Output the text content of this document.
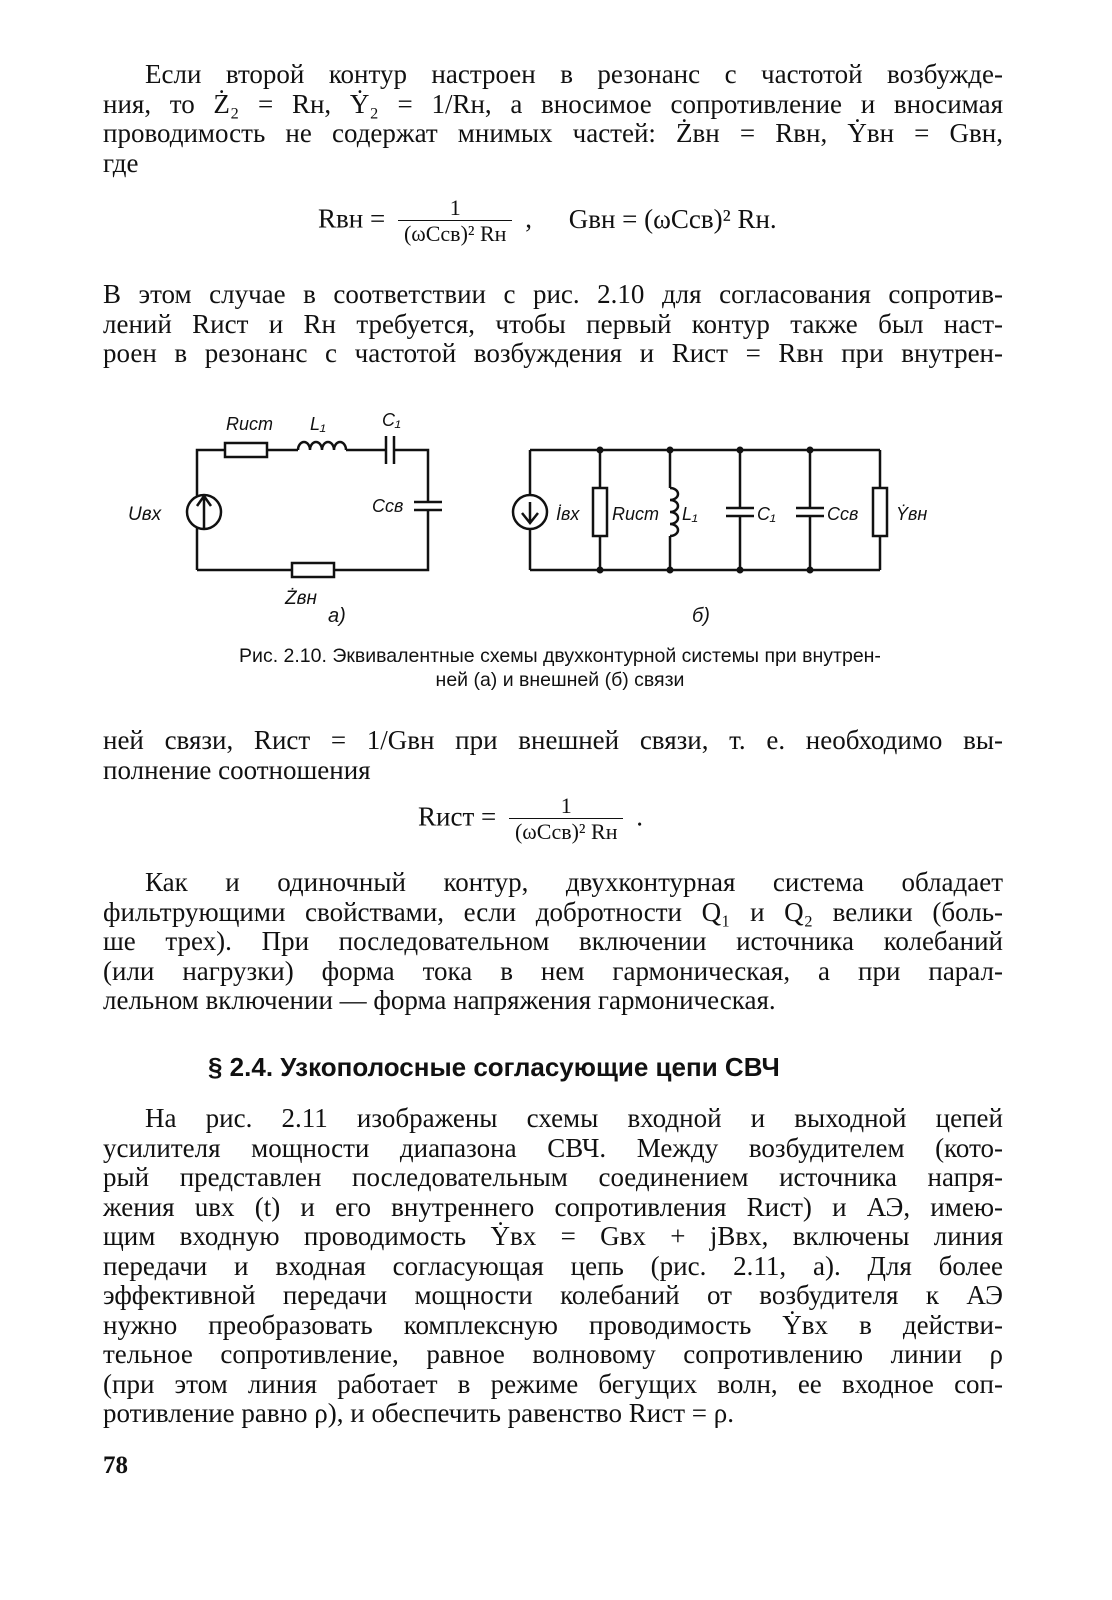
Если второй контур настроен в резонанс с частотой возбужде-
ния, то Ż₂ = Rн, Ẏ₂ = 1/Rн, а вносимое сопротивление и вносимая
проводимость не содержат мнимых частей: Żвн = Rвн, Ẏвн = Gвн,
где
Rвн = $\frac{1}{\text{(ωCсв)² Rн}}$ , Gвн = (ωCсв)² Rн.
В этом случае в соответствии с рис. 2.10 для согласования сопротив-
лений Rист и Rн требуется, чтобы первый контур также был наст-
роен в резонанс с частотой возбуждения и Rист = Rвн при внутрен-
Rист L₁	C₁
Cсв
Uвх
Żвн
а)
İвх Rист L₁	C₁	Cсв Ẏвн
б)
Рис. 2.10. Эквивалентные схемы двухконтурной системы при внутрен-
ней (а) и внешней (б) связи
ней связи, Rист = 1/Gвн при внешней связи, т. е. необходимо вы-
полнение соотношения
Rист = $\frac{1}{\text{(ωCсв)² Rн}}$ .
Как и одиночный контур, двухконтурная система обладает
фильтрующими свойствами, если добротности Q₁ и Q₂ велики (боль-
ше трех). При последовательном включении источника колебаний
(или нагрузки) форма тока в нем гармоническая, а при парал-
лельном включении — форма напряжения гармоническая.
§ 2.4. Узкополосные согласующие цепи СВЧ
На рис. 2.11 изображены схемы входной и выходной цепей
усилителя мощности диапазона СВЧ. Между возбудителем (кото-
рый представлен последовательным соединением источника напря-
жения uвх (t) и его внутреннего сопротивления Rист) и АЭ, имею-
щим входную проводимость Ẏвх = Gвх + jBвх, включены линия
передачи и входная согласующая цепь (рис. 2.11, а). Для более
эффективной передачи мощности колебаний от возбудителя к АЭ
нужно преобразовать комплексную проводимость Ẏвх в действи-
тельное сопротивление, равное волновому сопротивлению линии ρ
(при этом линия работает в режиме бегущих волн, ее входное соп-
ротивление равно ρ), и обеспечить равенство Rист = ρ.
78
